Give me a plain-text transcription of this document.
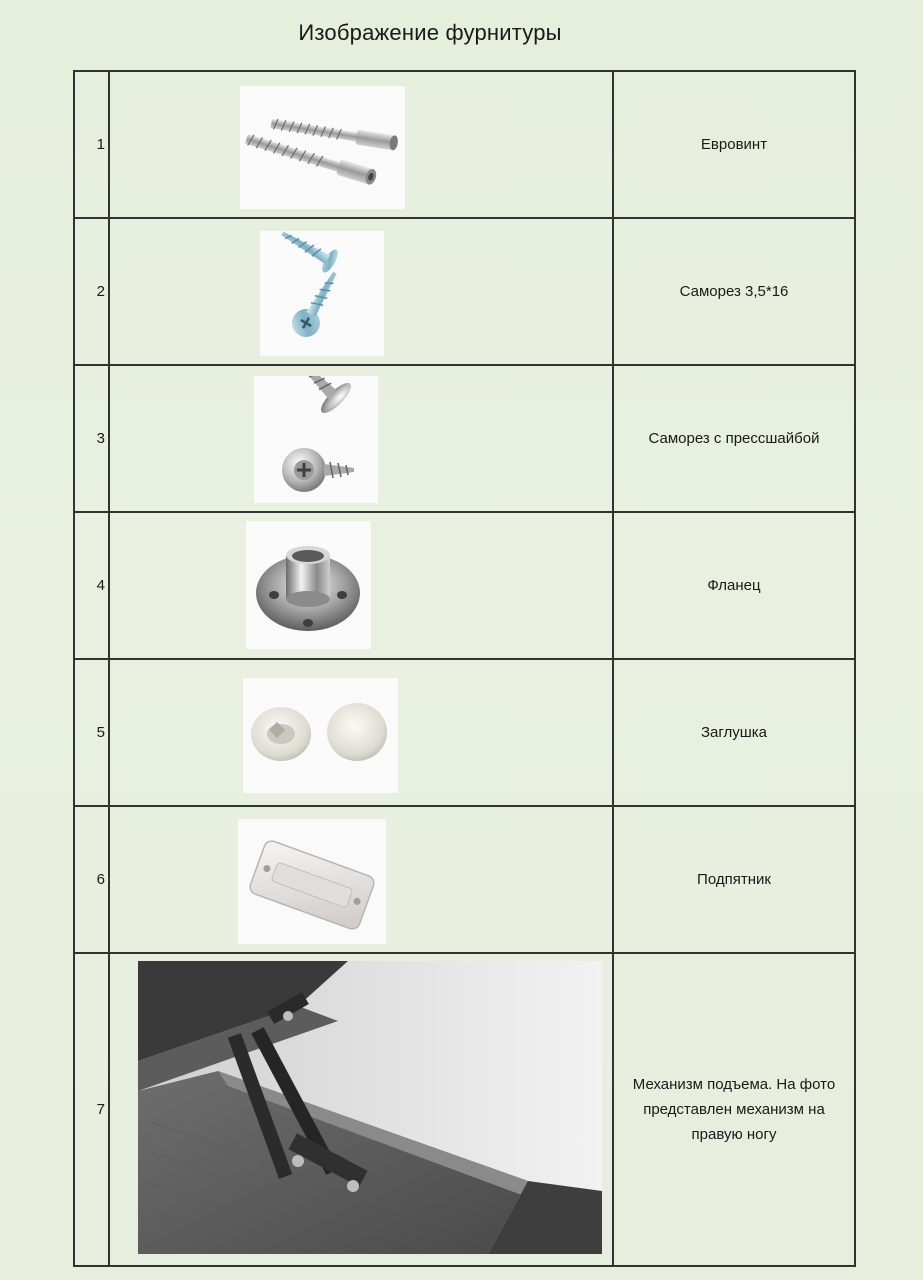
Изображение фурнитуры
1		Евровинт
2		Саморез 3,5*16
3		Саморез с прессшайбой
4		Фланец
5		Заглушка
6		Подпятник
7		Механизм подъема. На фото представлен механизм на правую ногу
